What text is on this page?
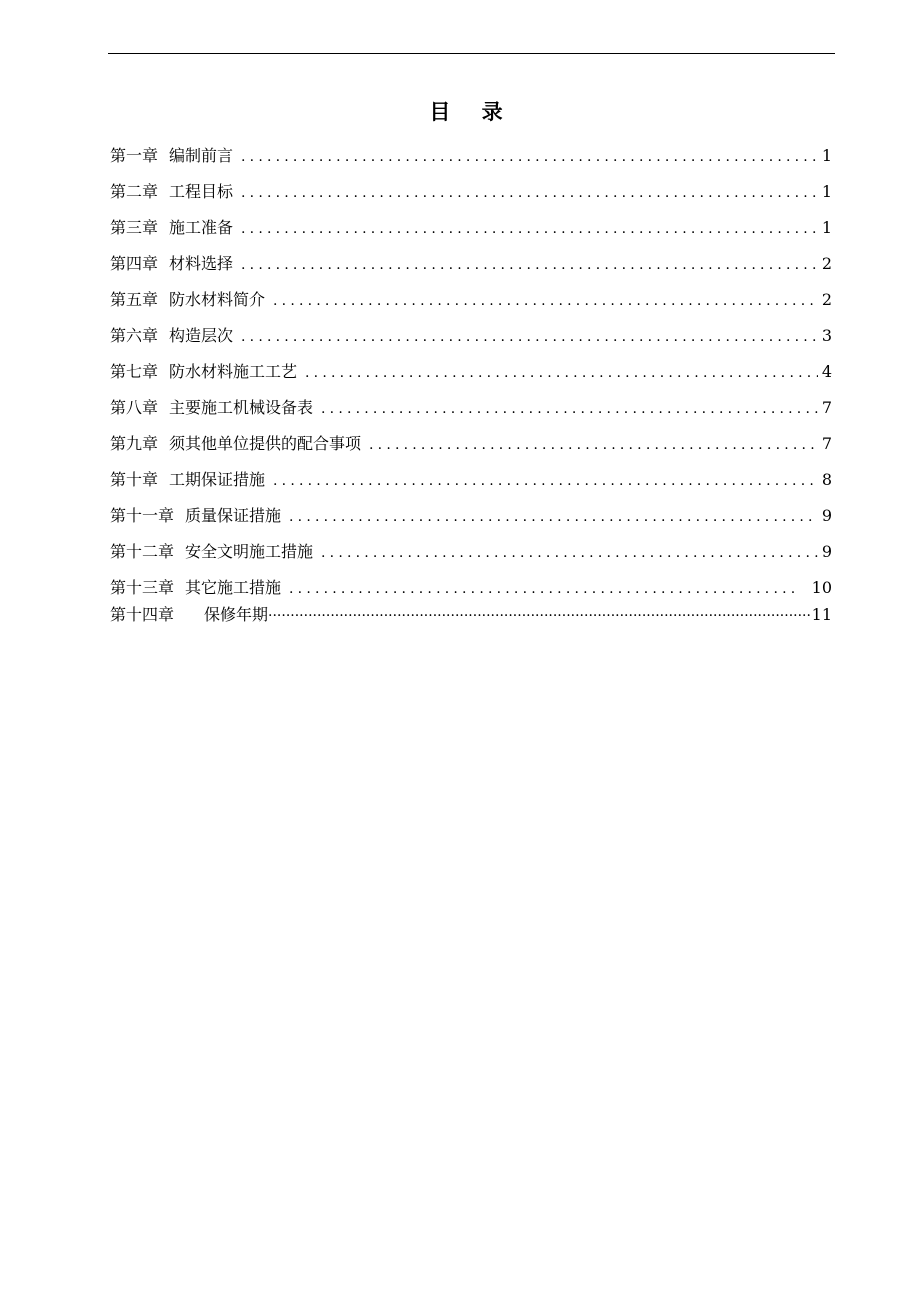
目 录
第一章 编制前言 .....	1
第二章 工程目标 .....	1
第三章 施工准备 .....	1
第四章 材料选择 .....	2
第五章 防水材料简介 .....	2
第六章 构造层次 .....	3
第七章 防水材料施工工艺 .....	4
第八章 主要施工机械设备表 .....	7
第九章 须其他单位提供的配合事项 .....	7
第十章 工期保证措施 .....	8
第十一章 质量保证措施 .....	9
第十二章 安全文明施工措施 .....	9
第十三章 其它施工措施 .....	10
第十四章 保修年期 ·····	11
